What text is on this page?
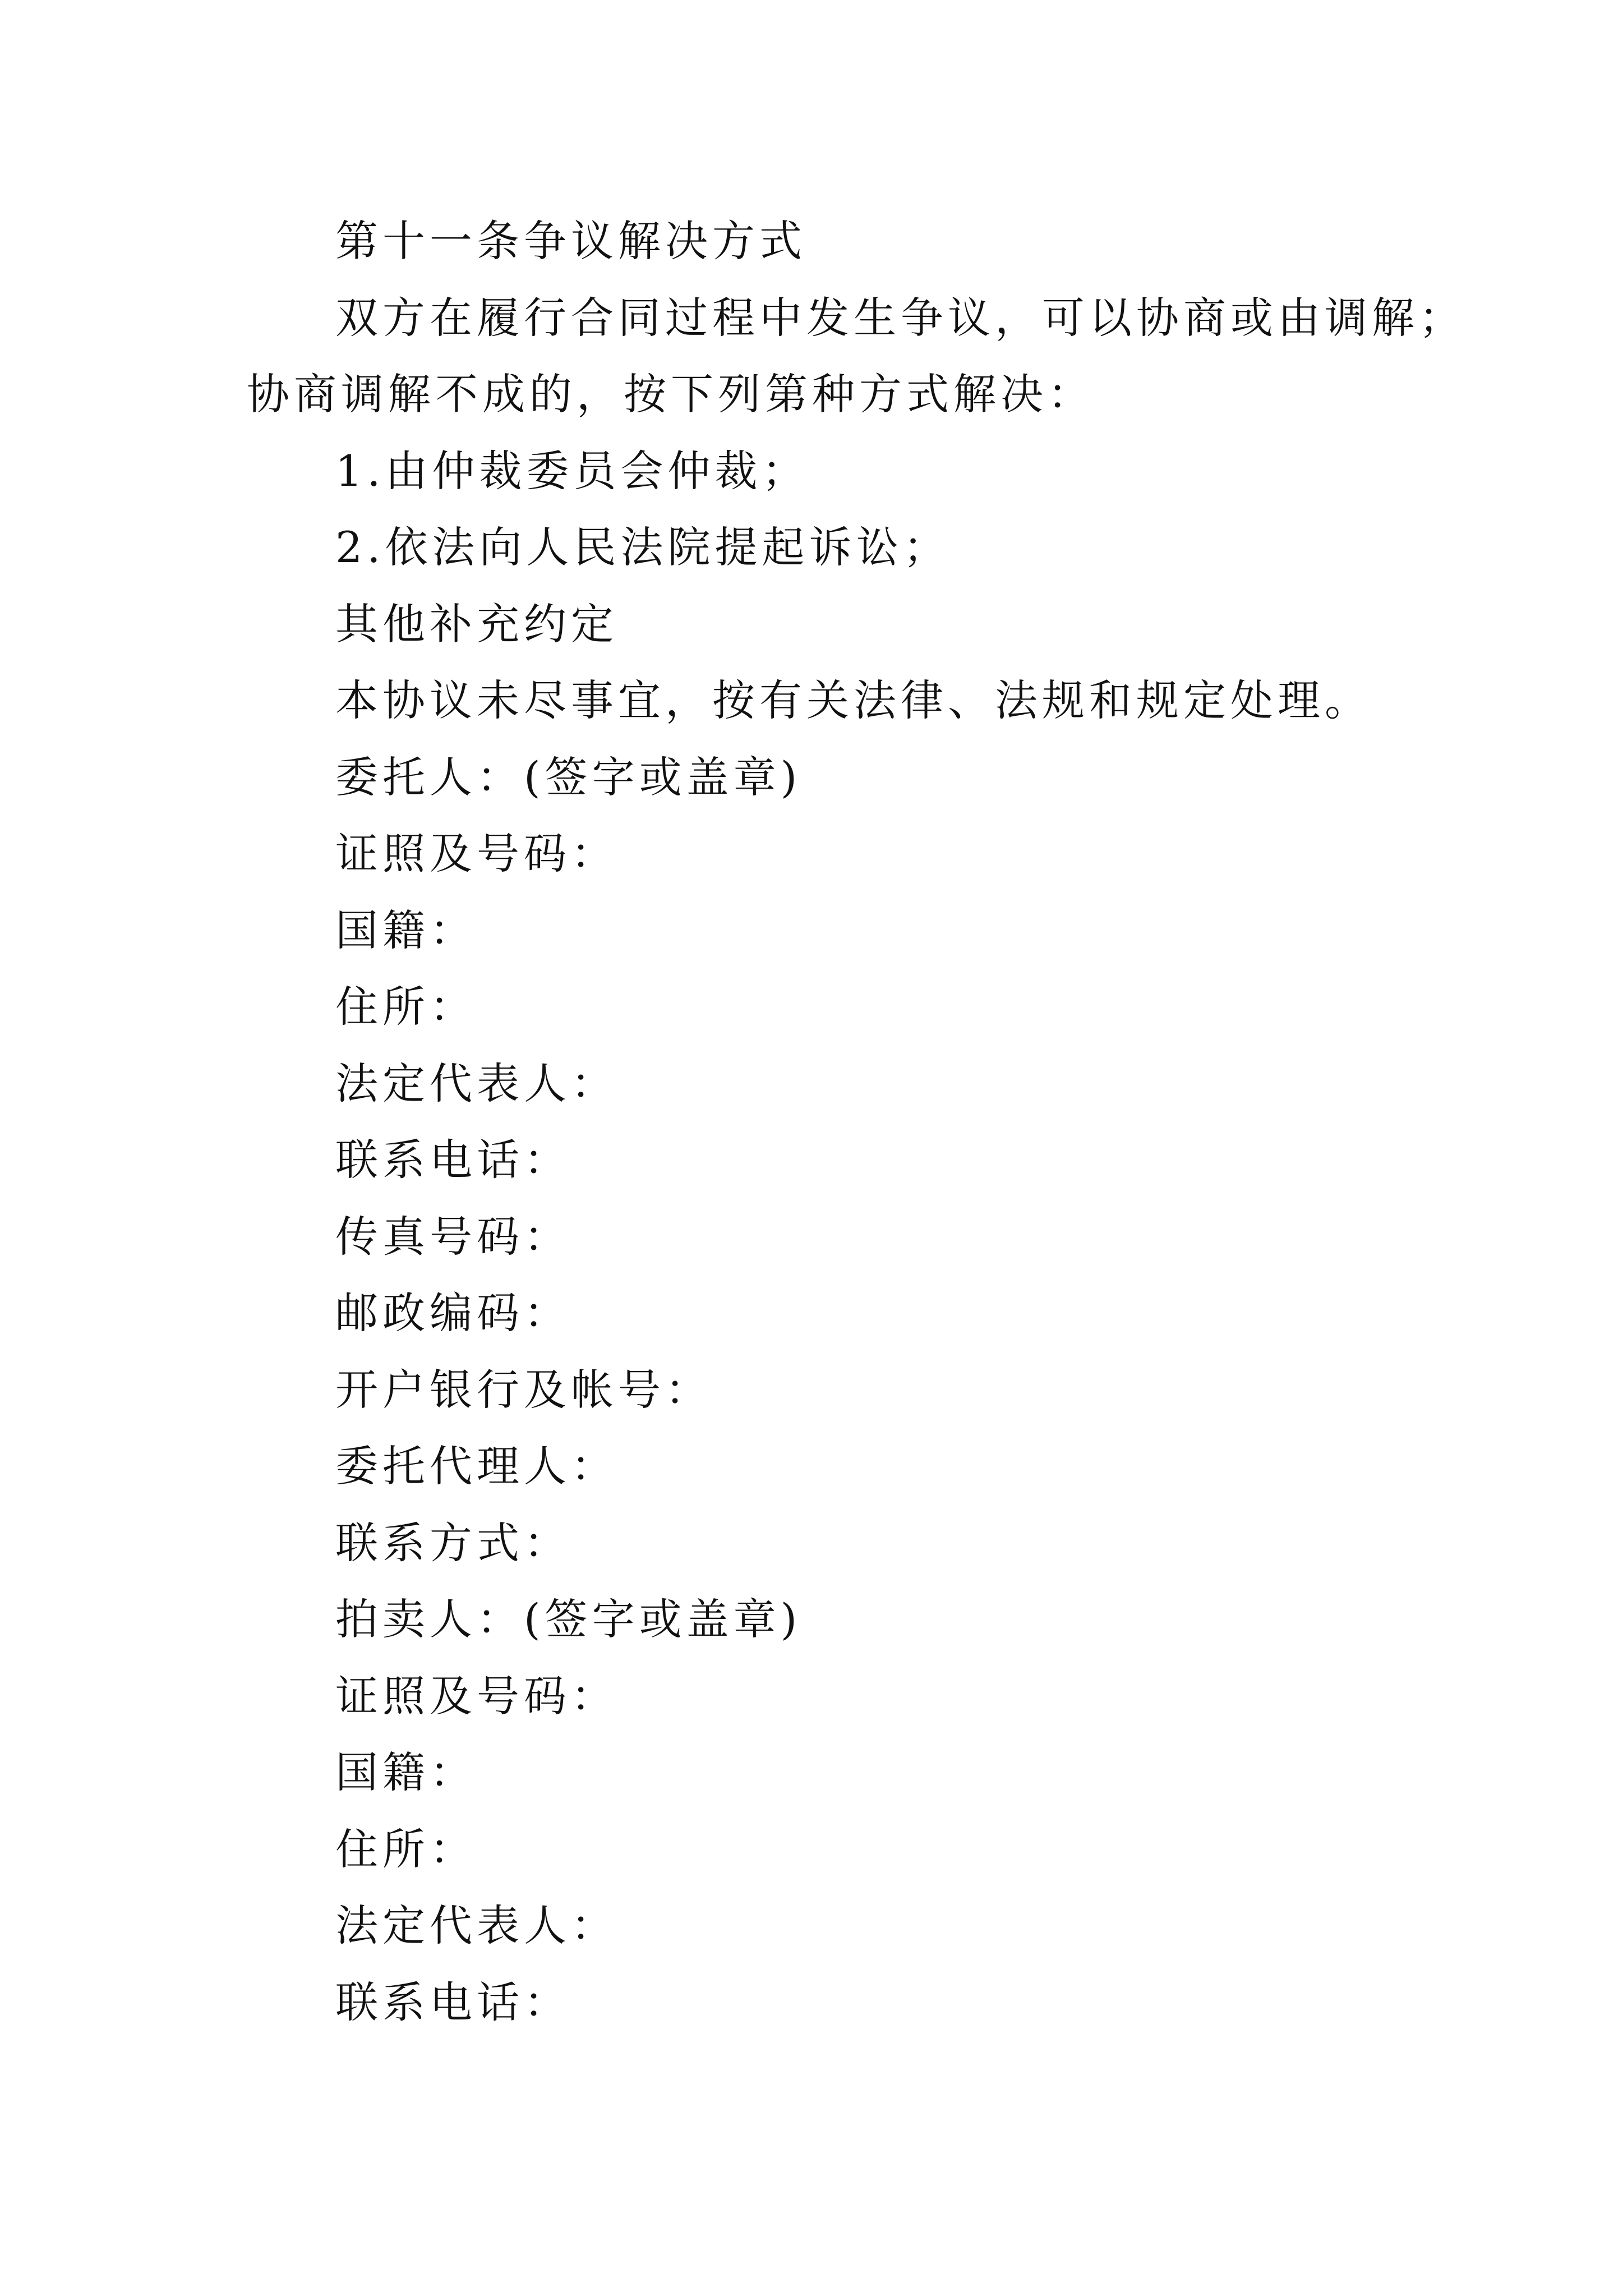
第十一条争议解决方式
双方在履行合同过程中发生争议，可以协商或由调解；
协商调解不成的，按下列第种方式解决：
1.由仲裁委员会仲裁；
2.依法向人民法院提起诉讼；
其他补充约定
本协议未尽事宜，按有关法律、法规和规定处理。
委托人：(签字或盖章)
证照及号码：
国籍：
住所：
法定代表人：
联系电话：
传真号码：
邮政编码：
开户银行及帐号：
委托代理人：
联系方式：
拍卖人：(签字或盖章)
证照及号码：
国籍：
住所：
法定代表人：
联系电话：
